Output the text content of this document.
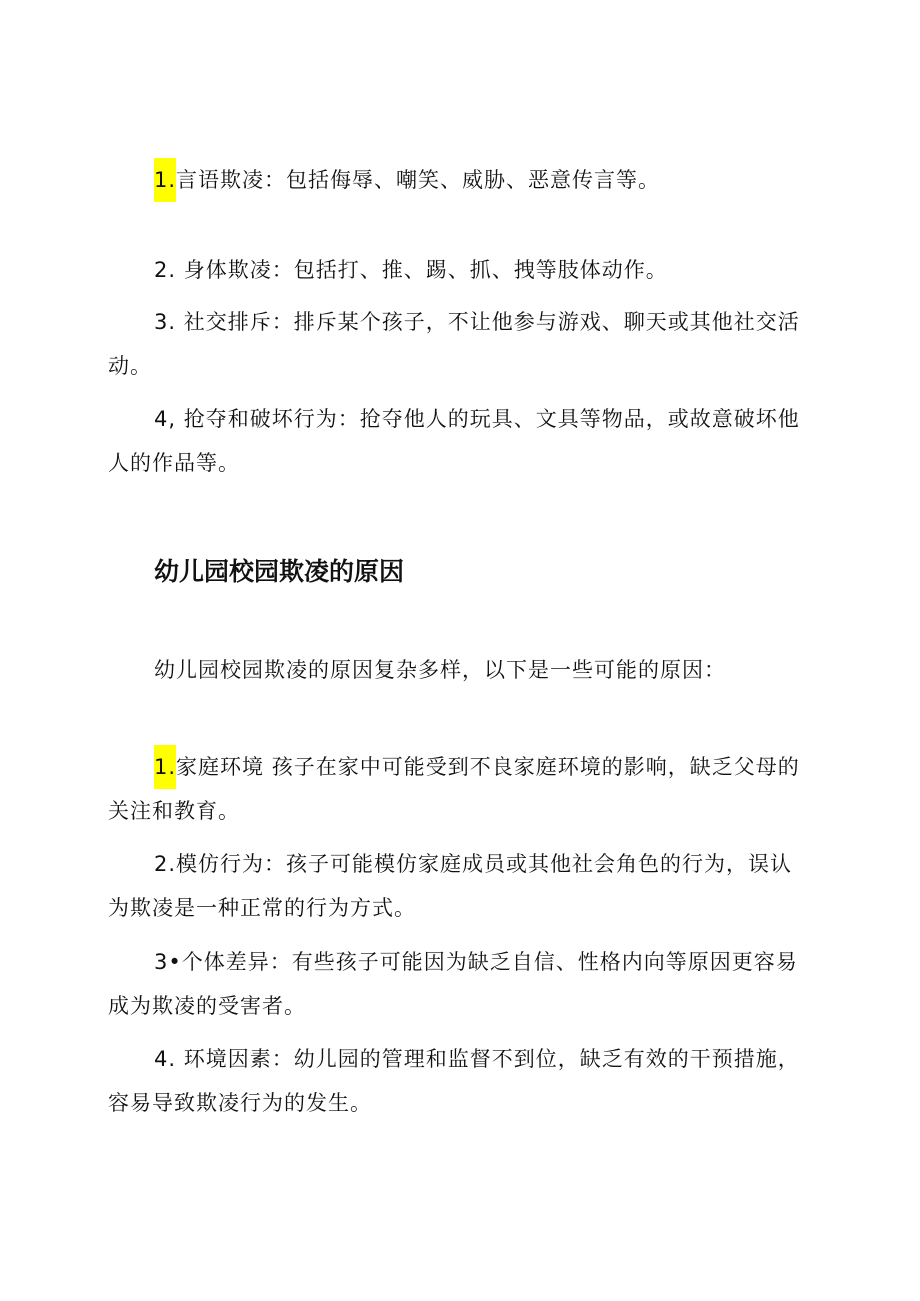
1.言语欺凌：包括侮辱、嘲笑、威胁、恶意传言等。
2. 身体欺凌：包括打、推、踢、抓、拽等肢体动作。
3. 社交排斥：排斥某个孩子，不让他参与游戏、聊天或其他社交活动。
4, 抢夺和破坏行为：抢夺他人的玩具、文具等物品，或故意破坏他人的作品等。
幼儿园校园欺凌的原因
幼儿园校园欺凌的原因复杂多样，以下是一些可能的原因：
1.家庭环境 孩子在家中可能受到不良家庭环境的影响，缺乏父母的关注和教育。
2.模仿行为：孩子可能模仿家庭成员或其他社会角色的行为，误认为欺凌是一种正常的行为方式。
3•个体差异：有些孩子可能因为缺乏自信、性格内向等原因更容易成为欺凌的受害者。
4. 环境因素：幼儿园的管理和监督不到位，缺乏有效的干预措施，容易导致欺凌行为的发生。
